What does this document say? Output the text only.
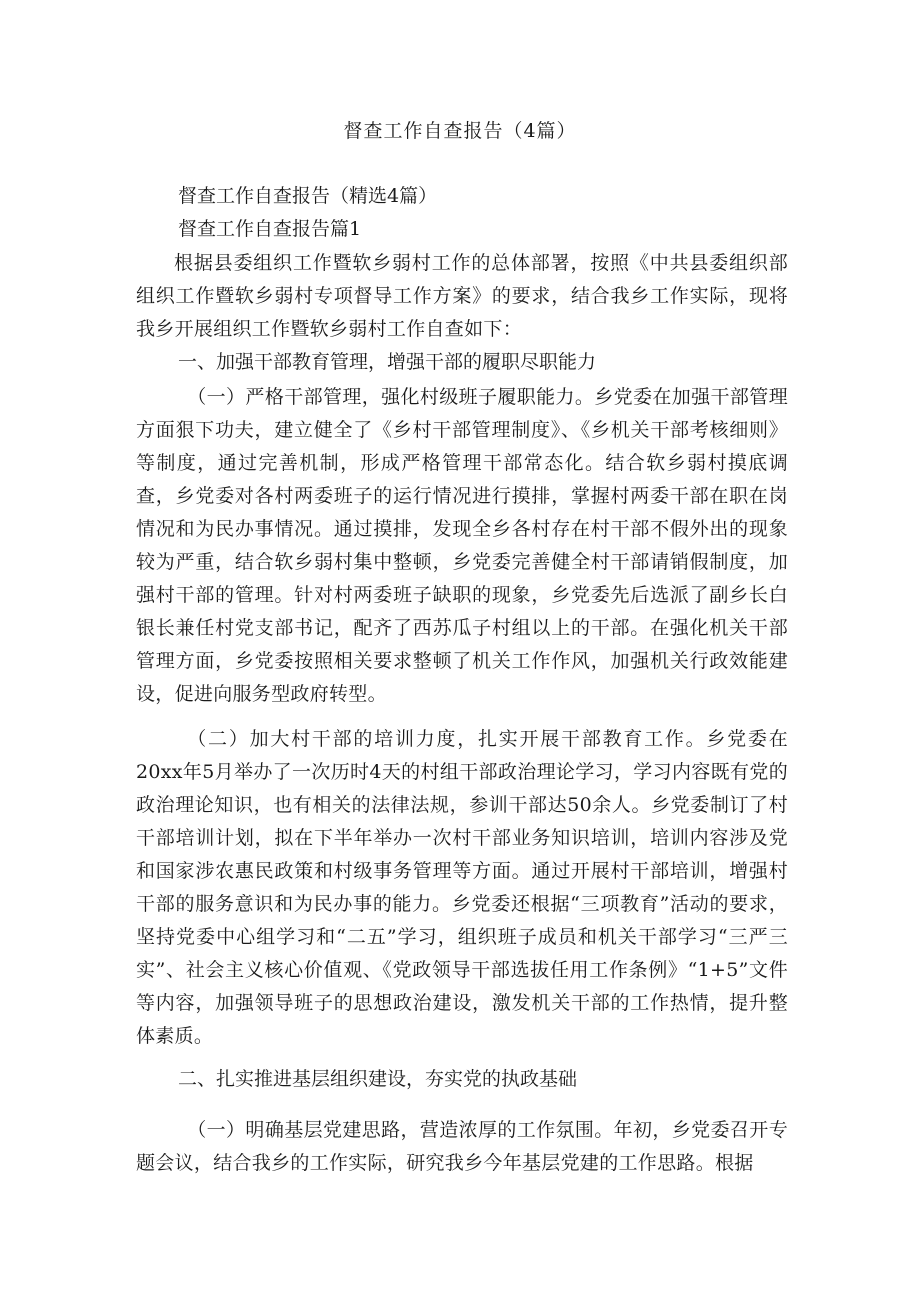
督查工作自查报告（4篇）

督查工作自查报告（精选4篇）

督查工作自查报告篇1

根据县委组织工作暨软乡弱村工作的总体部署，按照《中共县委组织部组织工作暨软乡弱村专项督导工作方案》的要求，结合我乡工作实际，现将我乡开展组织工作暨软乡弱村工作自查如下：

一、加强干部教育管理，增强干部的履职尽职能力

（一）严格干部管理，强化村级班子履职能力。乡党委在加强干部管理方面狠下功夫，建立健全了《乡村干部管理制度》、《乡机关干部考核细则》等制度，通过完善机制，形成严格管理干部常态化。结合软乡弱村摸底调查，乡党委对各村两委班子的运行情况进行摸排，掌握村两委干部在职在岗情况和为民办事情况。通过摸排，发现全乡各村存在村干部不假外出的现象较为严重，结合软乡弱村集中整顿，乡党委完善健全村干部请销假制度，加强村干部的管理。针对村两委班子缺职的现象，乡党委先后选派了副乡长白银长兼任村党支部书记，配齐了西苏瓜子村组以上的干部。在强化机关干部管理方面，乡党委按照相关要求整顿了机关工作作风，加强机关行政效能建设，促进向服务型政府转型。

（二）加大村干部的培训力度，扎实开展干部教育工作。乡党委在20xx年5月举办了一次历时4天的村组干部政治理论学习，学习内容既有党的政治理论知识，也有相关的法律法规，参训干部达50余人。乡党委制订了村干部培训计划，拟在下半年举办一次村干部业务知识培训，培训内容涉及党和国家涉农惠民政策和村级事务管理等方面。通过开展村干部培训，增强村干部的服务意识和为民办事的能力。乡党委还根据“三项教育”活动的要求，坚持党委中心组学习和“二五”学习，组织班子成员和机关干部学习“三严三实”、社会主义核心价值观、《党政领导干部选拔任用工作条例》“1+5”文件等内容，加强领导班子的思想政治建设，激发机关干部的工作热情，提升整体素质。

二、扎实推进基层组织建设，夯实党的执政基础

（一）明确基层党建思路，营造浓厚的工作氛围。年初，乡党委召开专题会议，结合我乡的工作实际，研究我乡今年基层党建的工作思路。根据
